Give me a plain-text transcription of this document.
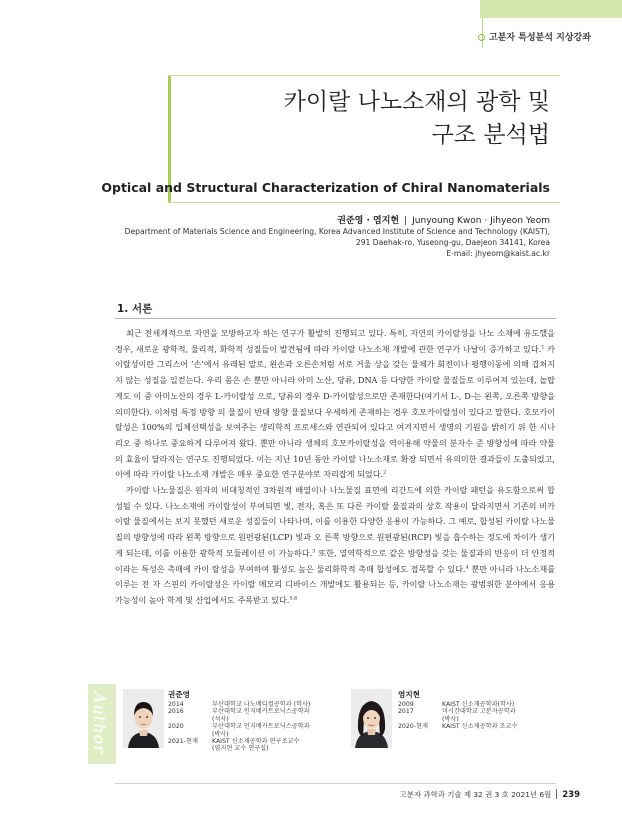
고분자 특성분석 지상강좌
카이랄 나노소재의 광학 및
구조 분석법
Optical and Structural Characterization of Chiral Nanomaterials
권준영 · 염지현 | Junyoung Kwon · Jihyeon Yeom
Department of Materials Science and Engineering, Korea Advanced Institute of Science and Technology (KAIST),
291 Daehak-ro, Yuseong-gu, Daejeon 34141, Korea
E-mail: jhyeom@kaist.ac.kr
1. 서론

최근 전세계적으로 자연을 모방하고자 하는 연구가 활발히 진행되고 있다. 특히, 자연의 카이랄성을 나노 소재에 유도했을 경우, 새로운 광학적, 물리적, 화학적 성질들이 발견됨에 따라 카이랄 나노소재 개발에 관한 연구가 나날이 증가하고 있다.$^1$ 카이랄성이란 그리스어 ‘손’에서 유래된 말로, 왼손과 오른손처럼 서로 거울 상을 갖는 물체가 회전이나 평행이동에 의해 겹쳐지지 않는 성질을 일컫는다. 우리 몸은 손 뿐만 아니라 아미 노산, 당류, DNA 등 다양한 카이랄 물질들로 이루어져 있는데, 놀랍게도 이 중 아미노산의 경우 L-카이랄성 으로, 당류의 경우 D-카이랄성으로만 존재한다(여기서 L-, D-는 왼쪽, 오른쪽 방향을 의미한다). 이처럼 특정 방향 의 물질이 반대 방향 물질보다 우세하게 존재하는 경우 호모카이랄성이 있다고 말한다. 호모카이랄성은 100%의 입체선택성을 보여주는 생리학적 프로세스와 연관되어 있다고 여겨지면서 생명의 기원을 밝히기 위 한 시나리오 중 하나로 중요하게 다루어져 왔다. 뿐만 아니라 생체의 호모카이랄성을 역이용해 약물의 분자수 준 방향성에 따라 약물의 효율이 달라지는 연구도 진행되었다. 이는 지난 10년 동안 카이랄 나노소재로 확장 되면서 유의미한 결과들이 도출되었고, 이에 따라 카이랄 나노소재 개발은 매우 중요한 연구분야로 자리잡게 되었다.$^2$

카이랄 나노물질은 원자의 비대칭적인 3차원적 배열이나 나노물질 표면에 리간드에 의한 카이랄 패턴을 유도함으로써 합성될 수 있다. 나노소재에 카이랄성이 부여되면 빛, 전자, 혹은 또 다른 카이랄 물질과의 상호 작용이 달라지면서 기존의 비카이랄 물질에서는 보지 못했던 새로운 성질들이 나타나며, 이를 이용한 다양한 응용이 가능하다. 그 예로, 합성된 카이랄 나노물질의 방향성에 따라 왼쪽 방향으로 원편광된(LCP) 빛과 오 른쪽 방향으로 원편광된(RCP) 빛을 흡수하는 정도에 차이가 생기게 되는데, 이를 이용한 광학적 모듈레이션 이 가능하다.$^3$ 또한, 열역학적으로 같은 방향성을 갖는 물질과의 반응이 더 안정적이라는 특성은 촉매에 카이 랄성을 부여하여 활성도 높은 물리화학적 촉매 합성에도 접목할 수 있다.$^4$ 뿐만 아니라 나노소재를 이루는 전 자 스핀의 카이랄성은 카이랄 메모리 디바이스 개발에도 활용되는 등, 카이랄 나노소재는 광범위한 분야에서 응용 가능성이 높아 학계 및 산업에서도 주목받고 있다.$^{5,6}$

Author	권준영
2014	부산대학교 나노메디컬공학과 (학사)
2016	부산대학교 인지메카트로닉스공학과
(석사)
2020	부산대학교 인지메카트로닉스공학과
(박사)
2021-현재	KAIST 신소재공학과 연구조교수
(염지현 교수 연구실)
염지현
2009	KAIST 신소재공학과(학사)
2017	미시간대학교 고분자공학과
(박사)
2020-현재	KAIST 신소재공학과 조교수
고분자 과학과 기술 제 32 권 3 호 2021년 6월 239
